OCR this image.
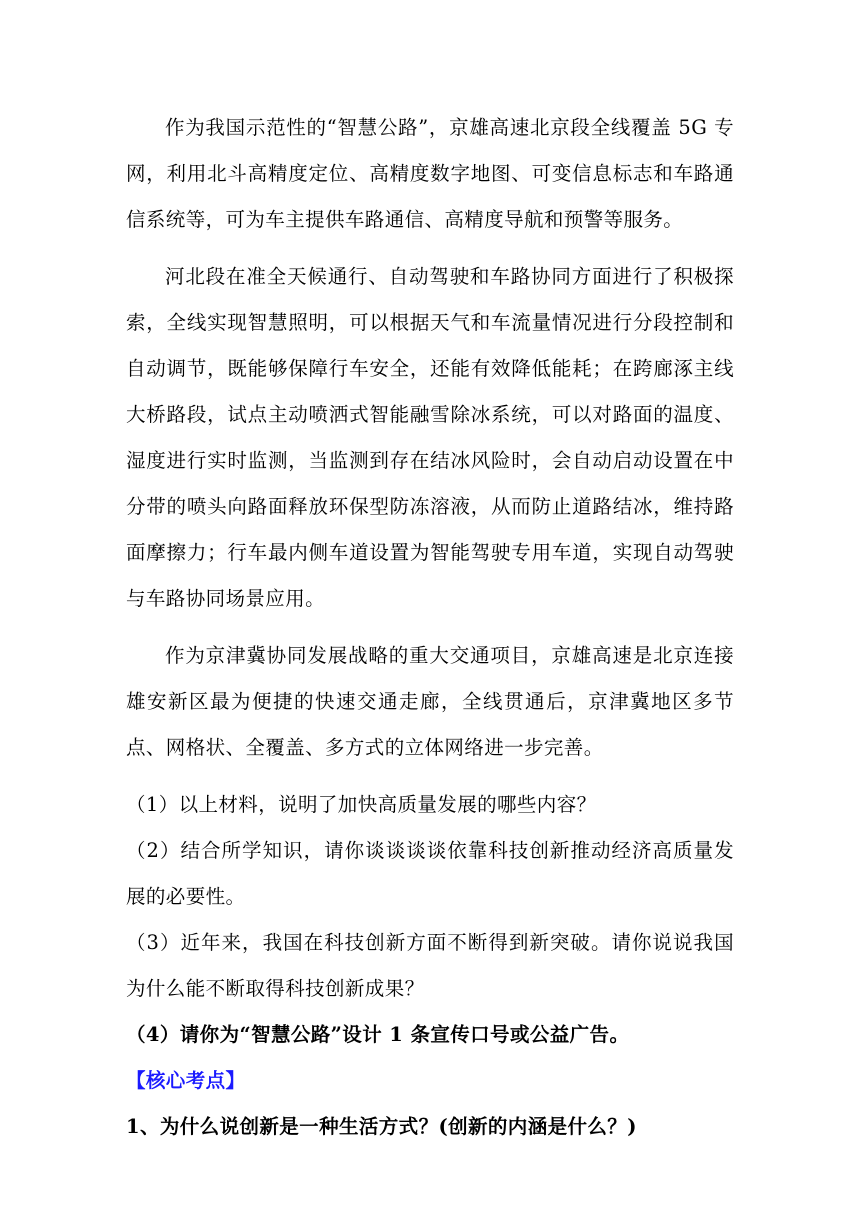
作为我国示范性的“智慧公路”，京雄高速北京段全线覆盖 5G 专网，利用北斗高精度定位、高精度数字地图、可变信息标志和车路通信系统等，可为车主提供车路通信、高精度导航和预警等服务。

河北段在准全天候通行、自动驾驶和车路协同方面进行了积极探索，全线实现智慧照明，可以根据天气和车流量情况进行分段控制和自动调节，既能够保障行车安全，还能有效降低能耗；在跨廊涿主线大桥路段，试点主动喷洒式智能融雪除冰系统，可以对路面的温度、湿度进行实时监测，当监测到存在结冰风险时，会自动启动设置在中分带的喷头向路面释放环保型防冻溶液，从而防止道路结冰，维持路面摩擦力；行车最内侧车道设置为智能驾驶专用车道，实现自动驾驶与车路协同场景应用。

作为京津冀协同发展战略的重大交通项目，京雄高速是北京连接雄安新区最为便捷的快速交通走廊，全线贯通后，京津冀地区多节点、网格状、全覆盖、多方式的立体网络进一步完善。

（1）以上材料，说明了加快高质量发展的哪些内容？

（2）结合所学知识，请你谈谈谈谈依靠科技创新推动经济高质量发展的必要性。

（3）近年来，我国在科技创新方面不断得到新突破。请你说说我国为什么能不断取得科技创新成果？

（4）请你为“智慧公路”设计 1 条宣传口号或公益广告。

【核心考点】

1、为什么说创新是一种生活方式？(创新的内涵是什么？)
